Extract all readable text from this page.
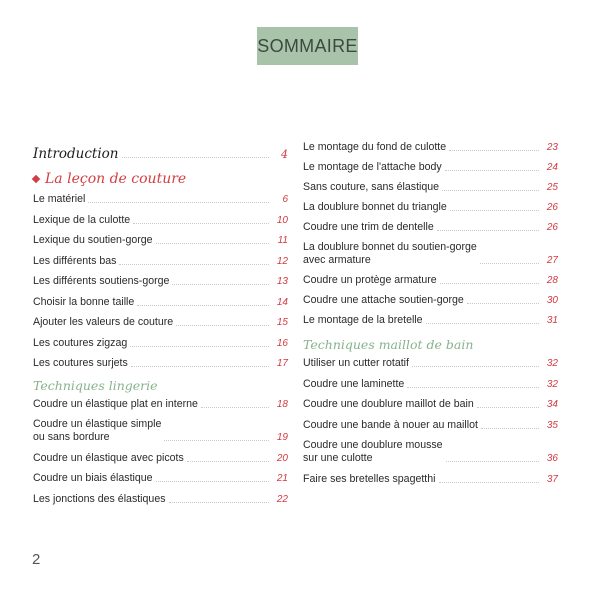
SOMMAIRE
Introduction	4
La leçon de couture
Le matériel	6
Lexique de la culotte	10
Lexique du soutien-gorge	11
Les différents bas	12
Les différents soutiens-gorge	13
Choisir la bonne taille	14
Ajouter les valeurs de couture	15
Les coutures zigzag	16
Les coutures surjets	17
Techniques lingerie
Coudre un élastique plat en interne	18
Coudre un élastique simple
ou sans bordure	19
Coudre un élastique avec picots	20
Coudre un biais élastique	21
Les jonctions des élastiques	22
Le montage du fond de culotte	23
Le montage de l'attache body	24
Sans couture, sans élastique	25
La doublure bonnet du triangle	26
Coudre une trim de dentelle	26
La doublure bonnet du soutien-gorge
avec armature	27
Coudre un protège armature	28
Coudre une attache soutien-gorge	30
Le montage de la bretelle	31
Techniques maillot de bain
Utiliser un cutter rotatif	32
Coudre une laminette	32
Coudre une doublure maillot de bain	34
Coudre une bande à nouer au maillot	35
Coudre une doublure mousse
sur une culotte	36
Faire ses bretelles spagetthi	37
2
